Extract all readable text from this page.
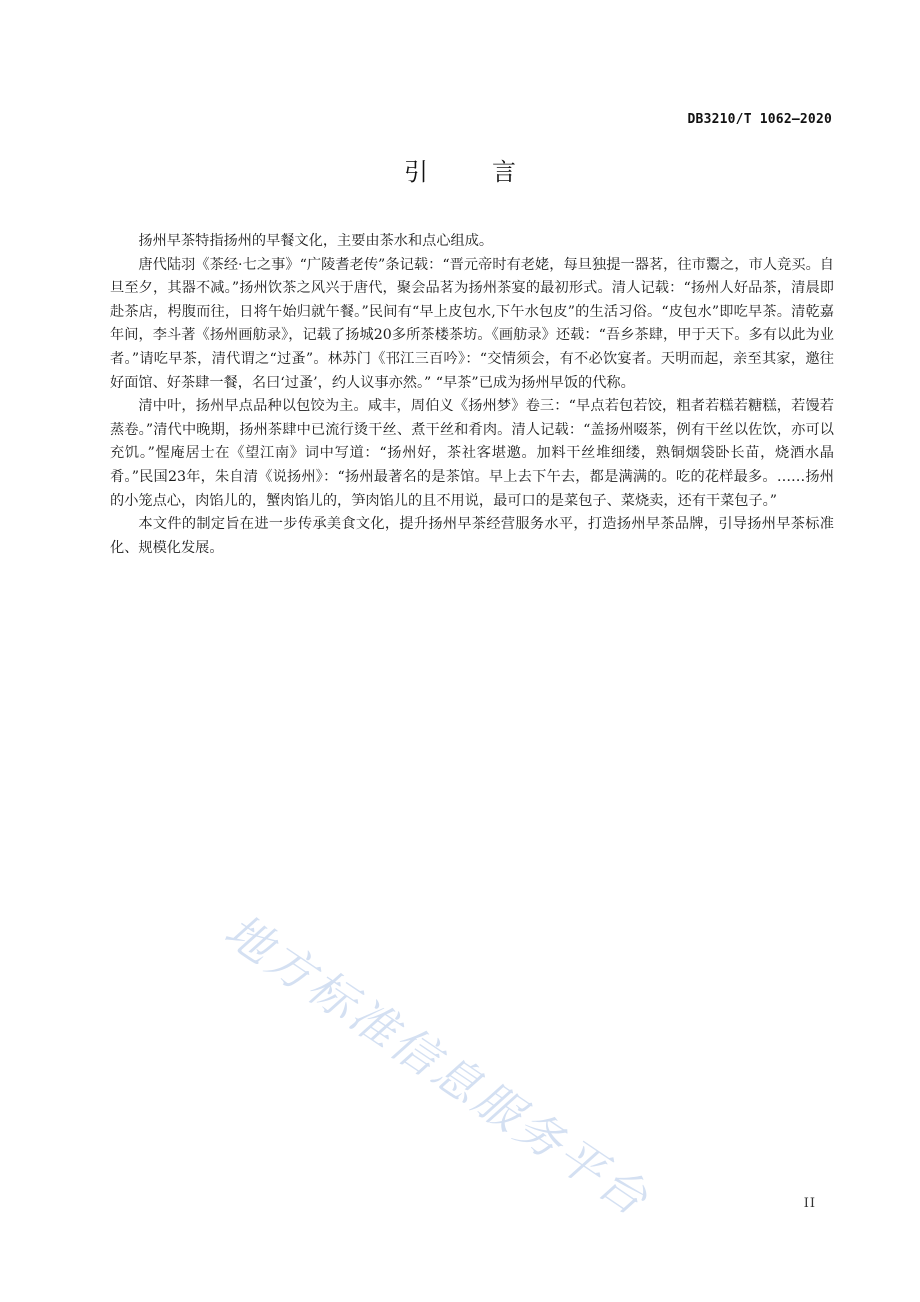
DB3210/T 1062—2020
引言

扬州早茶特指扬州的早餐文化，主要由茶水和点心组成。

唐代陆羽《茶经·七之事》“广陵耆老传”条记载：“晋元帝时有老姥，每旦独提一器茗，往市鬻之，市人竞买。自旦至夕，其器不减。”扬州饮茶之风兴于唐代，聚会品茗为扬州茶宴的最初形式。清人记载：“扬州人好品茶，清晨即赴茶店，枵腹而往，日将午始归就午餐。”民间有“早上皮包水,下午水包皮”的生活习俗。“皮包水”即吃早茶。清乾嘉年间，李斗著《扬州画舫录》，记载了扬城20多所茶楼茶坊。《画舫录》还载：“吾乡茶肆，甲于天下。多有以此为业者。”请吃早茶，清代谓之“过蚤”。林苏门《邗江三百吟》：“交情须会，有不必饮宴者。天明而起，亲至其家，邀往好面馆、好茶肆一餐，名曰‘过蚤’，约人议事亦然。” “早茶”已成为扬州早饭的代称。

清中叶，扬州早点品种以包饺为主。咸丰，周伯义《扬州梦》卷三：“早点若包若饺，粗者若糕若糖糕，若馒若蒸卷。”清代中晚期，扬州茶肆中已流行烫干丝、煮干丝和肴肉。清人记载：“盖扬州啜茶，例有干丝以佐饮，亦可以充饥。”惺庵居士在《望江南》词中写道：“扬州好，茶社客堪邀。加料干丝堆细缕，熟铜烟袋卧长苗，烧酒水晶肴。”民国23年，朱自清《说扬州》：“扬州最著名的是茶馆。早上去下午去，都是满满的。吃的花样最多。……扬州的小笼点心，肉馅儿的，蟹肉馅儿的，笋肉馅儿的且不用说，最可口的是菜包子、菜烧卖，还有干菜包子。”

本文件的制定旨在进一步传承美食文化，提升扬州早茶经营服务水平，打造扬州早茶品牌，引导扬州早茶标准化、规模化发展。

地方标准信息服务平台	II
